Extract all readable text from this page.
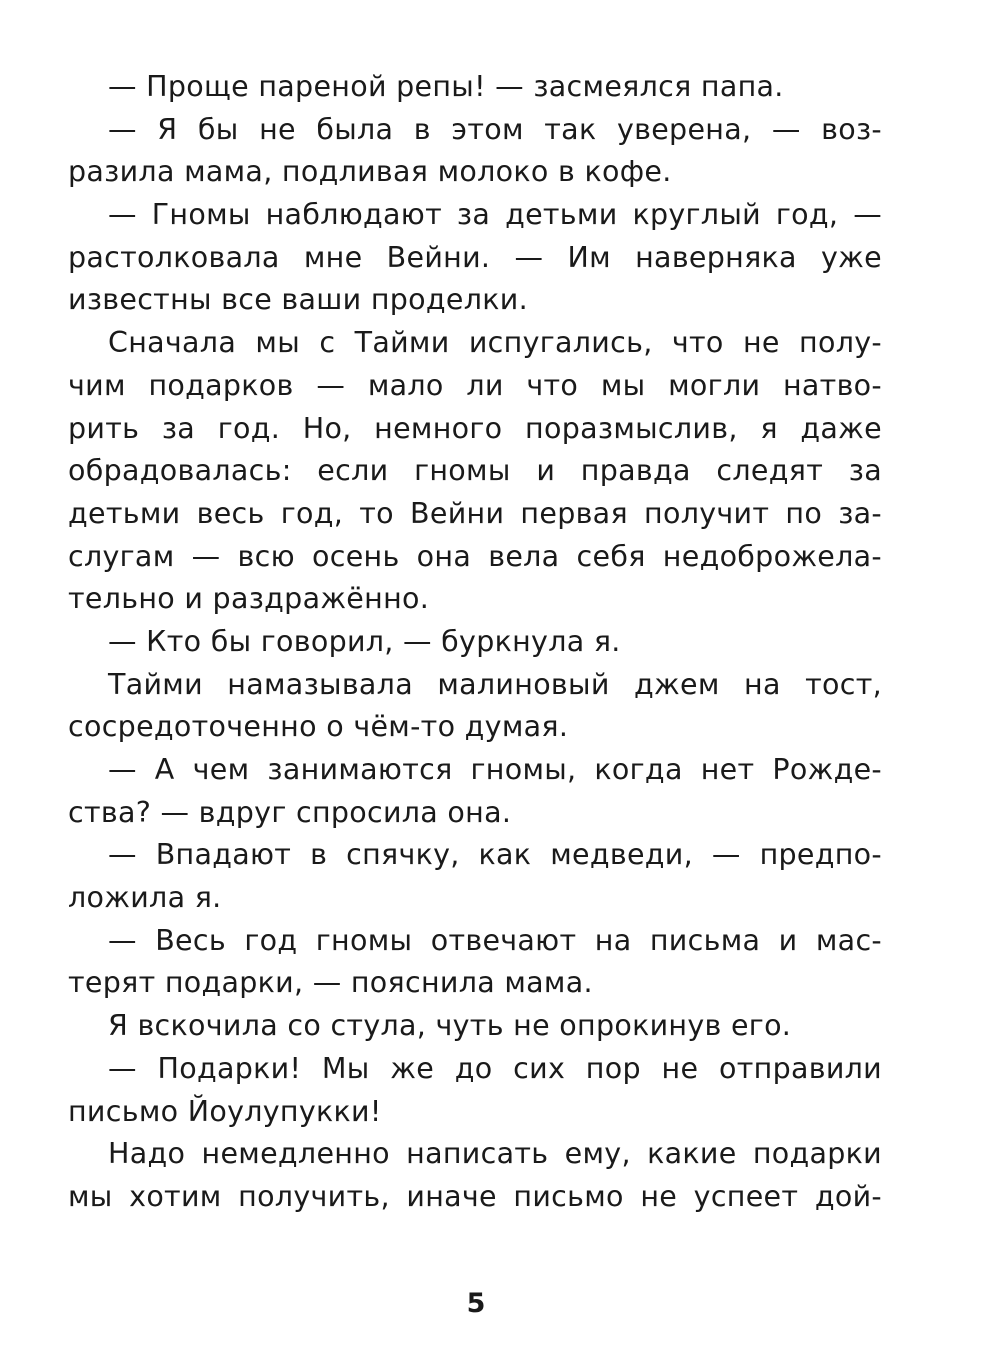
— Проще пареной репы! — засмеялся папа.
— Я бы не была в этом так уверена, — воз-
разила мама, подливая молоко в кофе.
— Гномы наблюдают за детьми круглый год, —
растолковала мне Вейни. — Им наверняка уже
известны все ваши проделки.
Сначала мы с Тайми испугались, что не полу-
чим подарков — мало ли что мы могли натво-
рить за год. Но, немного поразмыслив, я даже
обрадовалась: если гномы и правда следят за
детьми весь год, то Вейни первая получит по за-
слугам — всю осень она вела себя недоброжела-
тельно и раздражённо.
— Кто бы говорил, — буркнула я.
Тайми намазывала малиновый джем на тост,
сосредоточенно о чём-то думая.
— А чем занимаются гномы, когда нет Рожде-
ства? — вдруг спросила она.
— Впадают в спячку, как медведи, — предпо-
ложила я.
— Весь год гномы отвечают на письма и мас-
терят подарки, — пояснила мама.
Я вскочила со стула, чуть не опрокинув его.
— Подарки! Мы же до сих пор не отправили
письмо Йоулупукки!
Надо немедленно написать ему, какие подарки
мы хотим получить, иначе письмо не успеет дой-
5
